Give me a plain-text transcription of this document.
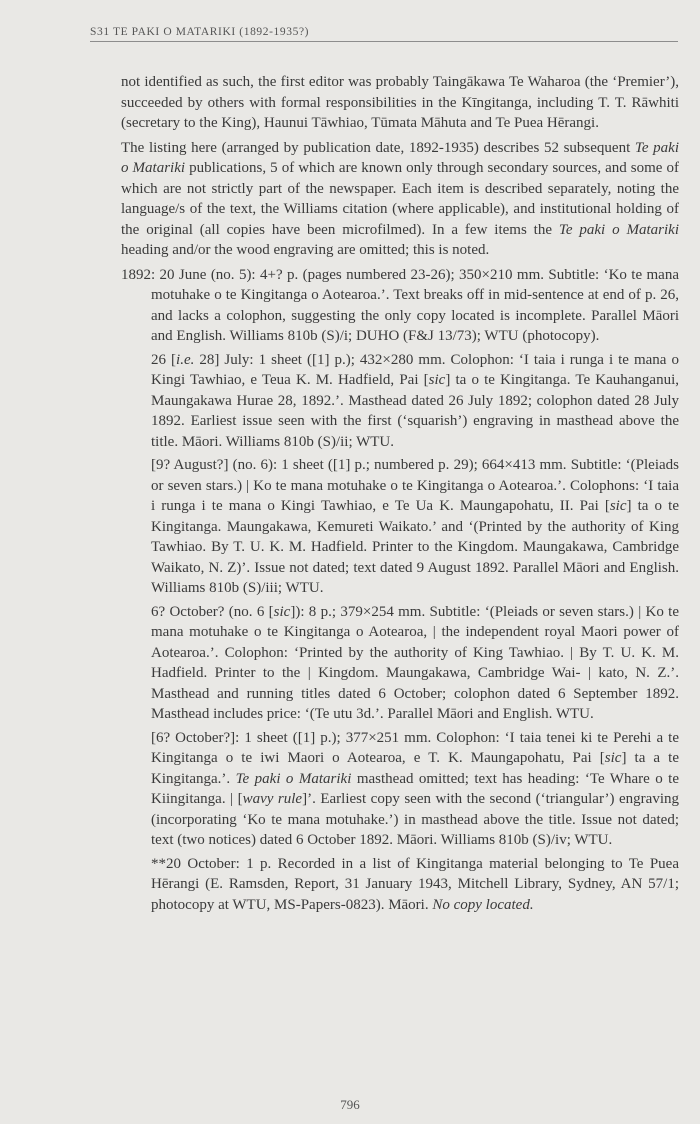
S31 TE PAKI O MATARIKI (1892-1935?)

not identified as such, the first editor was probably Taingākawa Te Waharoa (the ‘Premier’), succeeded by others with formal responsibilities in the Kīngitanga, including T. T. Rāwhiti (secretary to the King), Haunui Tāwhiao, Tūmata Māhuta and Te Puea Hērangi.

The listing here (arranged by publication date, 1892-1935) describes 52 subsequent Te paki o Matariki publications, 5 of which are known only through secondary sources, and some of which are not strictly part of the newspaper. Each item is described separately, noting the language/s of the text, the Williams citation (where applicable), and institutional holding of the original (all copies have been microfilmed). In a few items the Te paki o Matariki heading and/or the wood engraving are omitted; this is noted.

1892: 20 June (no. 5): 4+? p. (pages numbered 23-26); 350×210 mm. Subtitle: ‘Ko te mana motuhake o te Kingitanga o Aotearoa.’. Text breaks off in mid-sentence at end of p. 26, and lacks a colophon, suggesting the only copy located is incomplete. Parallel Māori and English. Williams 810b (S)/i; DUHO (F&J 13/73); WTU (photocopy).
26 [i.e. 28] July: 1 sheet ([1] p.); 432×280 mm. Colophon: ‘I taia i runga i te mana o Kingi Tawhiao, e Teua K. M. Hadfield, Pai [sic] ta o te Kingitanga. Te Kauhanganui, Maungakawa Hurae 28, 1892.’. Masthead dated 26 July 1892; colophon dated 28 July 1892. Earliest issue seen with the first (‘squarish’) engraving in masthead above the title. Māori. Williams 810b (S)/ii; WTU.
[9? August?] (no. 6): 1 sheet ([1] p.; numbered p. 29); 664×413 mm. Subtitle: ‘(Pleiads or seven stars.) | Ko te mana motuhake o te Kingitanga o Aotearoa.’. Colophons: ‘I taia i runga i te mana o Kingi Tawhiao, e Te Ua K. Maungapohatu, II. Pai [sic] ta o te Kingitanga. Maungakawa, Kemureti Waikato.’ and ‘(Printed by the authority of King Tawhiao. By T. U. K. M. Hadfield. Printer to the Kingdom. Maungakawa, Cambridge Waikato, N. Z)’. Issue not dated; text dated 9 August 1892. Parallel Māori and English. Williams 810b (S)/iii; WTU.
6? October? (no. 6 [sic]): 8 p.; 379×254 mm. Subtitle: ‘(Pleiads or seven stars.) | Ko te mana motuhake o te Kingitanga o Aotearoa, | the independent royal Maori power of Aotearoa.’. Colophon: ‘Printed by the authority of King Tawhiao. | By T. U. K. M. Hadfield. Printer to the | Kingdom. Maungakawa, Cambridge Wai- | kato, N. Z.’. Masthead and running titles dated 6 October; colophon dated 6 September 1892. Masthead includes price: ‘(Te utu 3d.’. Parallel Māori and English. WTU.
[6? October?]: 1 sheet ([1] p.); 377×251 mm. Colophon: ‘I taia tenei ki te Perehi a te Kingitanga o te iwi Maori o Aotearoa, e T. K. Maungapohatu, Pai [sic] ta a te Kingitanga.’. Te paki o Matariki masthead omitted; text has heading: ‘Te Whare o te Kiingitanga. | [wavy rule]’. Earliest copy seen with the second (‘triangular’) engraving (incorporating ‘Ko te mana motuhake.’) in masthead above the title. Issue not dated; text (two notices) dated 6 October 1892. Māori. Williams 810b (S)/iv; WTU.
**20 October: 1 p. Recorded in a list of Kingitanga material belonging to Te Puea Hērangi (E. Ramsden, Report, 31 January 1943, Mitchell Library, Sydney, AN 57/1; photocopy at WTU, MS-Papers-0823). Māori. No copy located.
796
